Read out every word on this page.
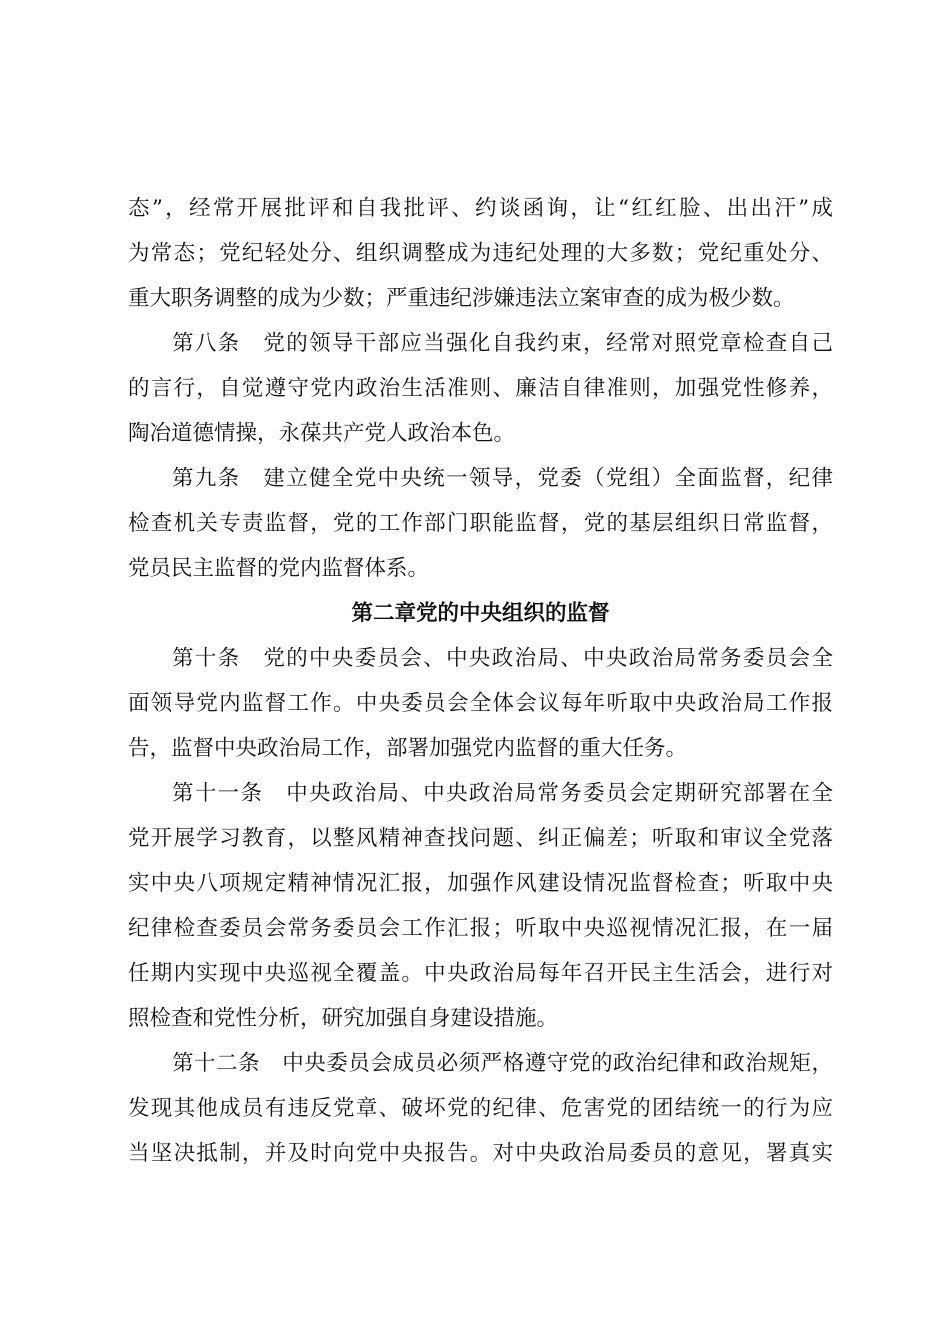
态”，经常开展批评和自我批评、约谈函询，让“红红脸、出出汗”成
为常态；党纪轻处分、组织调整成为违纪处理的大多数；党纪重处分、
重大职务调整的成为少数；严重违纪涉嫌违法立案审查的成为极少数。
第八条　党的领导干部应当强化自我约束，经常对照党章检查自己
的言行，自觉遵守党内政治生活准则、廉洁自律准则，加强党性修养，
陶冶道德情操，永葆共产党人政治本色。
第九条　建立健全党中央统一领导，党委（党组）全面监督，纪律
检查机关专责监督，党的工作部门职能监督，党的基层组织日常监督，
党员民主监督的党内监督体系。
第二章党的中央组织的监督
第十条　党的中央委员会、中央政治局、中央政治局常务委员会全
面领导党内监督工作。中央委员会全体会议每年听取中央政治局工作报
告，监督中央政治局工作，部署加强党内监督的重大任务。
第十一条　中央政治局、中央政治局常务委员会定期研究部署在全
党开展学习教育，以整风精神查找问题、纠正偏差；听取和审议全党落
实中央八项规定精神情况汇报，加强作风建设情况监督检查；听取中央
纪律检查委员会常务委员会工作汇报；听取中央巡视情况汇报，在一届
任期内实现中央巡视全覆盖。中央政治局每年召开民主生活会，进行对
照检查和党性分析，研究加强自身建设措施。
第十二条　中央委员会成员必须严格遵守党的政治纪律和政治规矩，
发现其他成员有违反党章、破坏党的纪律、危害党的团结统一的行为应
当坚决抵制，并及时向党中央报告。对中央政治局委员的意见，署真实
